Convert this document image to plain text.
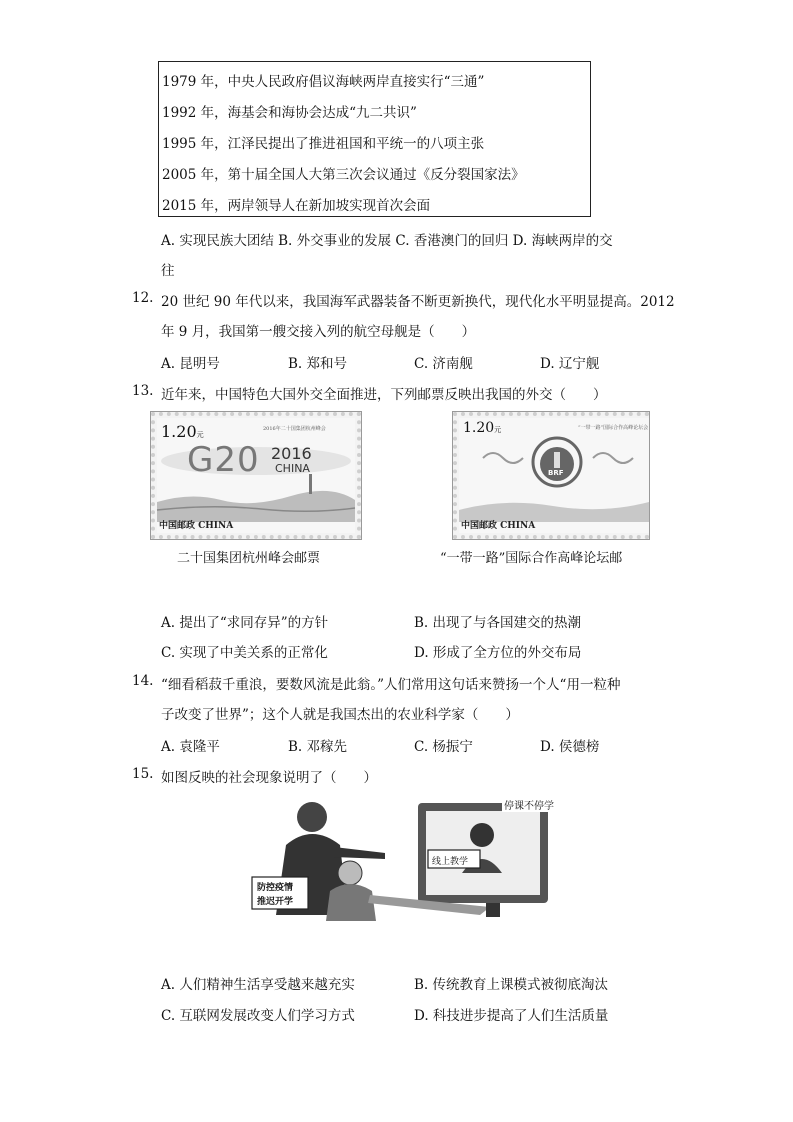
1979 年，中央人民政府倡议海峡两岸直接实行“三通”
1992 年，海基会和海协会达成“九二共识”
1995 年，江泽民提出了推进祖国和平统一的八项主张
2005 年，第十届全国人大第三次会议通过《反分裂国家法》
2015 年，两岸领导人在新加坡实现首次会面
A. 实现民族大团结 B. 外交事业的发展 C. 香港澳门的回归 D. 海峡两岸的交
往
12. 20 世纪 90 年代以来，我国海军武器装备不断更新换代，现代化水平明显提高。2012
年 9 月，我国第一艘交接入列的航空母舰是（　　）
A. 昆明号	B. 郑和号	C. 济南舰	D. 辽宁舰
13. 近年来，中国特色大国外交全面推进，下列邮票反映出我国的外交（　　）
1.20元
2016年二十国集团杭州峰会
G20 2016
CHINA
中国邮政 CHINA
二十国集团杭州峰会邮票
1.20元	“一带一路”国际合作高峰论坛会
BRF
中国邮政 CHINA
“一带一路”国际合作高峰论坛邮
A. 提出了“求同存异”的方针	B. 出现了与各国建交的热潮
C. 实现了中美关系的正常化	D. 形成了全方位的外交布局
14. “细看稻菽千重浪，要数风流是此翁。”人们常用这句话来赞扬一个人“用一粒种
子改变了世界”；这个人就是我国杰出的农业科学家（　　）
A. 袁隆平	B. 邓稼先	C. 杨振宁	D. 侯德榜
15. 如图反映的社会现象说明了（　　）
停课不停学
线上教学
防控疫情
推迟开学
A. 人们精神生活享受越来越充实	B. 传统教育上课模式被彻底淘汰
C. 互联网发展改变人们学习方式	D. 科技进步提高了人们生活质量
